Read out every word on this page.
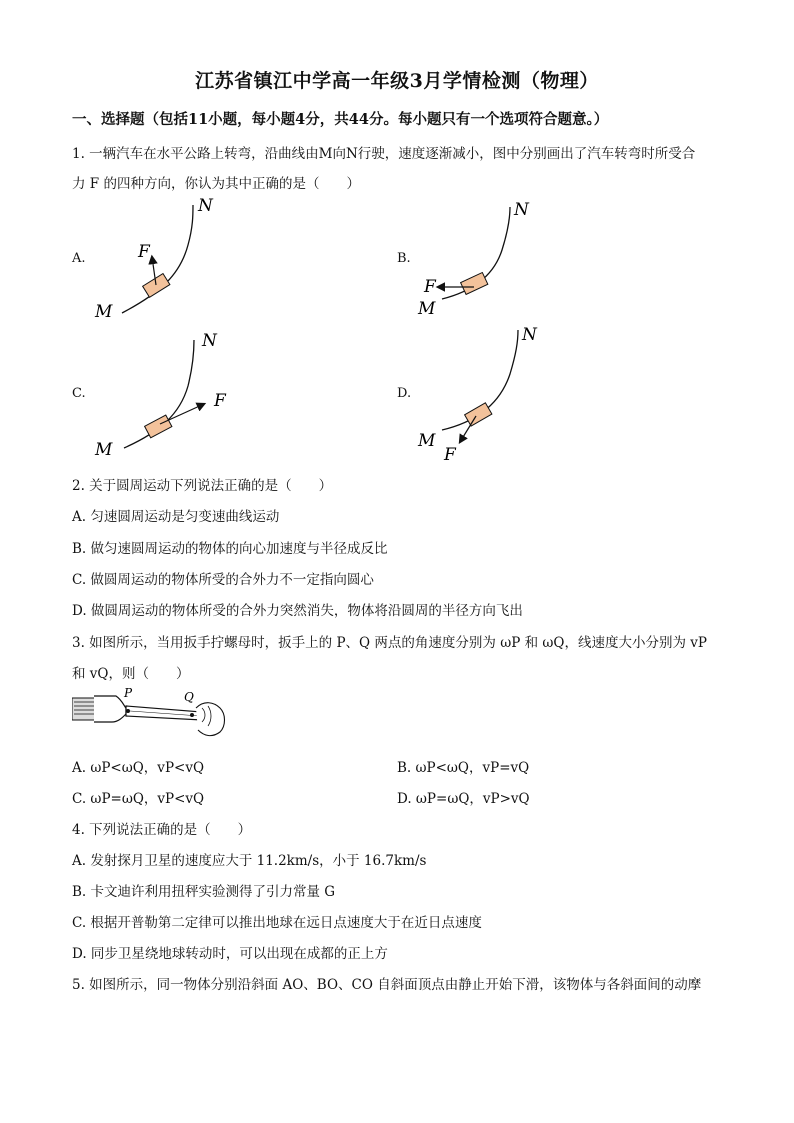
江苏省镇江中学高一年级3月学情检测（物理）
一、选择题（包括11小题，每小题4分，共44分。每小题只有一个选项符合题意。）
1. 一辆汽车在水平公路上转弯，沿曲线由M向N行驶，速度逐渐减小，图中分别画出了汽车转弯时所受合
力 F 的四种方向，你认为其中正确的是（　　）
A.	B.
C.	D.
N
M
F
N
M
F
N
M
F
N
M
F
2. 关于圆周运动下列说法正确的是（　　）
A. 匀速圆周运动是匀变速曲线运动
B. 做匀速圆周运动的物体的向心加速度与半径成反比
C. 做圆周运动的物体所受的合外力不一定指向圆心
D. 做圆周运动的物体所受的合外力突然消失，物体将沿圆周的半径方向飞出
3. 如图所示，当用扳手拧螺母时，扳手上的 P、Q 两点的角速度分别为 ωP 和 ωQ，线速度大小分别为 vP
和 vQ，则（　　）
P	Q
A. ωP<ωQ，vP<vQ	B. ωP<ωQ，vP=vQ
C. ωP=ωQ，vP<vQ	D. ωP=ωQ，vP>vQ
4. 下列说法正确的是（　　）
A. 发射探月卫星的速度应大于 11.2km/s，小于 16.7km/s
B. 卡文迪许利用扭秤实验测得了引力常量 G
C. 根据开普勒第二定律可以推出地球在远日点速度大于在近日点速度
D. 同步卫星绕地球转动时，可以出现在成都的正上方
5. 如图所示，同一物体分别沿斜面 AO、BO、CO 自斜面顶点由静止开始下滑，该物体与各斜面间的动摩
